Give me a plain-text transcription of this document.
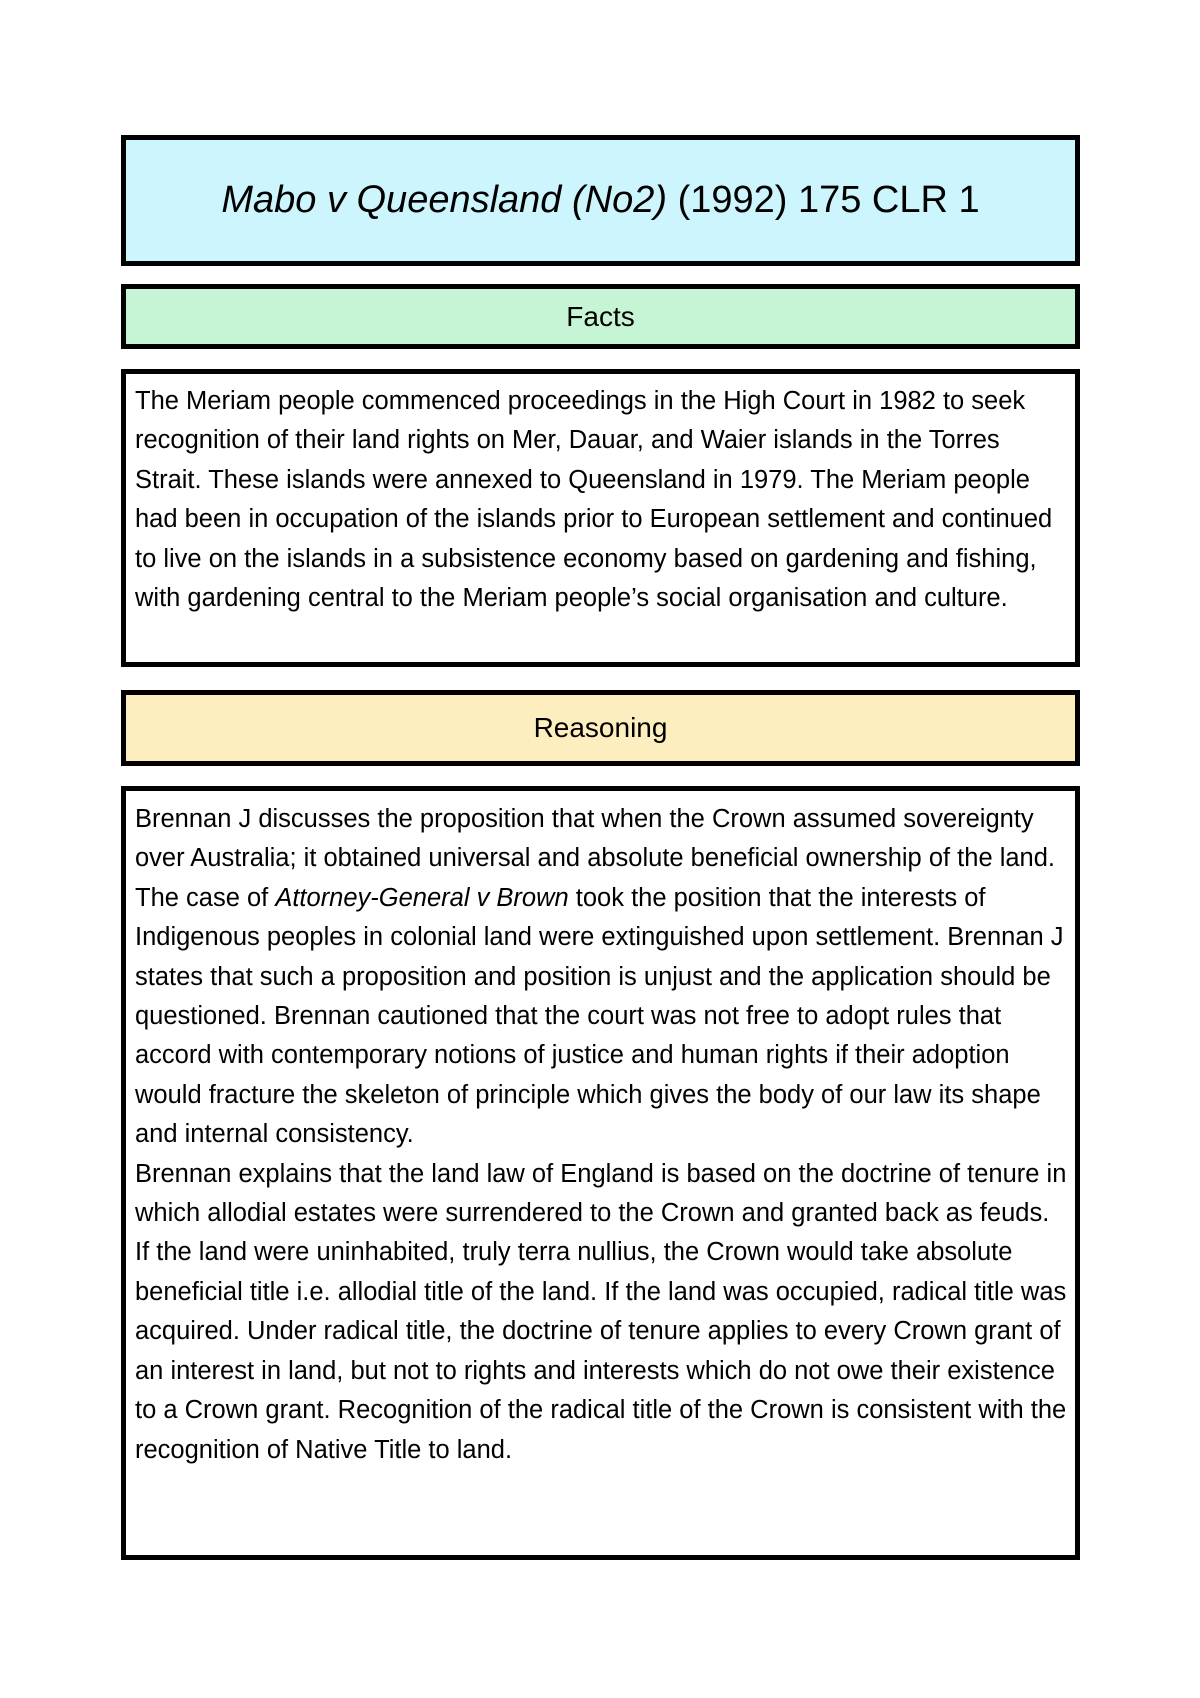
Mabo v Queensland (No2) (1992) 175 CLR 1
Facts

The Meriam people commenced proceedings in the High Court in 1982 to seek recognition of their land rights on Mer, Dauar, and Waier islands in the Torres Strait. These islands were annexed to Queensland in 1979. The Meriam people had been in occupation of the islands prior to European settlement and continued to live on the islands in a subsistence economy based on gardening and fishing, with gardening central to the Meriam people’s social organisation and culture.

Reasoning

Brennan J discusses the proposition that when the Crown assumed sovereignty over Australia; it obtained universal and absolute beneficial ownership of the land. The case of Attorney-General v Brown took the position that the interests of Indigenous peoples in colonial land were extinguished upon settlement. Brennan J states that such a proposition and position is unjust and the application should be questioned. Brennan cautioned that the court was not free to adopt rules that accord with contemporary notions of justice and human rights if their adoption would fracture the skeleton of principle which gives the body of our law its shape and internal consistency.

Brennan explains that the land law of England is based on the doctrine of tenure in which allodial estates were surrendered to the Crown and granted back as feuds. If the land were uninhabited, truly terra nullius, the Crown would take absolute beneficial title i.e. allodial title of the land. If the land was occupied, radical title was acquired. Under radical title, the doctrine of tenure applies to every Crown grant of an interest in land, but not to rights and interests which do not owe their existence to a Crown grant. Recognition of the radical title of the Crown is consistent with the recognition of Native Title to land.
